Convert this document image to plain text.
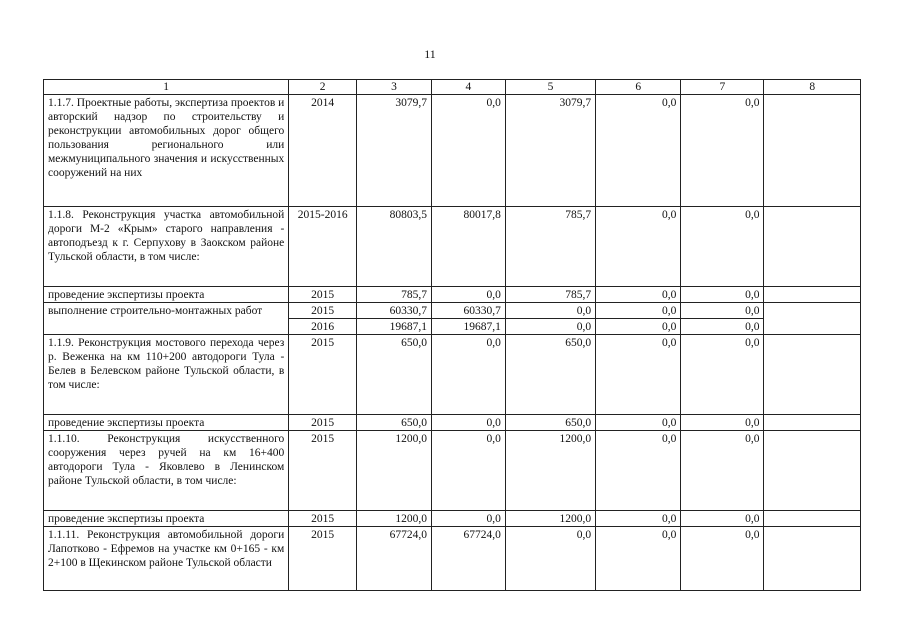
11
1	2	3	4	5	6	7	8
1.1.7. Проектные работы, экспертиза проектов и авторский надзор по строительству и реконструкции автомобильных дорог общего пользования регионального или межмуниципального значения и искусственных сооружений на них	2014	3079,7	0,0	3079,7	0,0	0,0	
1.1.8. Реконструкция участка автомобильной дороги М-2 «Крым» старого направления - автоподъезд к г. Серпухову в Заокском районе Тульской области, в том числе:	2015-2016	80803,5	80017,8	785,7	0,0	0,0	
проведение экспертизы проекта	2015	785,7	0,0	785,7	0,0	0,0	
выполнение строительно-монтажных работ	2015	60330,7	60330,7	0,0	0,0	0,0	
	2016	19687,1	19687,1	0,0	0,0	0,0	
1.1.9. Реконструкция мостового перехода через р. Веженка на км 110+200 автодороги Тула - Белев в Белевском районе Тульской области, в том числе:	2015	650,0	0,0	650,0	0,0	0,0	
проведение экспертизы проекта	2015	650,0	0,0	650,0	0,0	0,0	
1.1.10. Реконструкция искусственного сооружения через ручей на км 16+400 автодороги Тула - Яковлево в Ленинском районе Тульской области, в том числе:	2015	1200,0	0,0	1200,0	0,0	0,0	
проведение экспертизы проекта	2015	1200,0	0,0	1200,0	0,0	0,0	
1.1.11. Реконструкция автомобильной дороги Лапотково - Ефремов на участке км 0+165 - км 2+100 в Щекинском районе Тульской области	2015	67724,0	67724,0	0,0	0,0	0,0	
